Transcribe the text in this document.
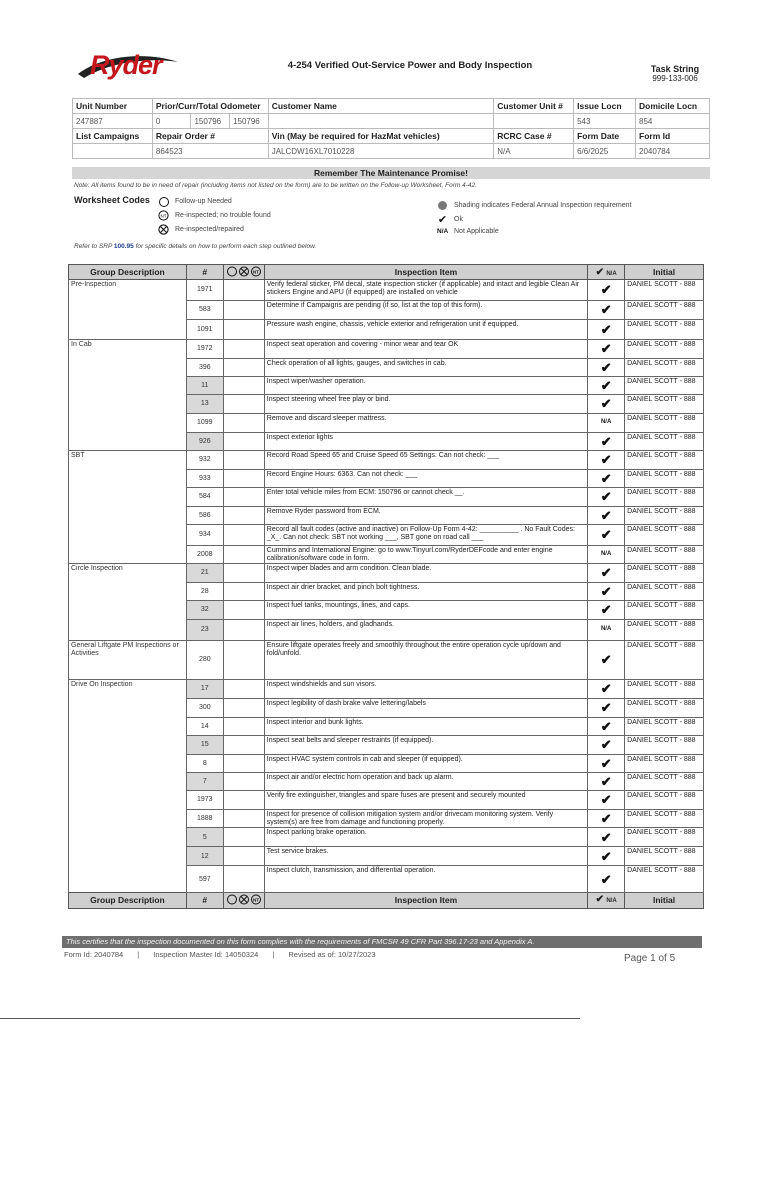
Ryder	4-254 Verified Out-Service Power and Body Inspection	Task String
999-133-006
Unit Number	Prior/Curr/Total Odometer			Customer Name	Customer Unit #	Issue Locn	Domicile Locn
247887	0	150796	150796			543	854
List Campaigns	Repair Order #			Vin (May be required for HazMat vehicles)	RCRC Case #	Form Date	Form Id
	864523			JALCDW16XL7010228	N/A	6/6/2025	2040784
Remember The Maintenance Promise!
Note: All items found to be in need of repair (including items not listed on the form) are to be written on the Follow-up Worksheet, Form 4-42.
Worksheet Codes	Follow-up Needed
NT Re-inspected; no trouble found
Re-inspected/repaired
Shading indicates Federal Annual Inspection requirement
✔ Ok
N/A Not Applicable
Refer to SRP 100.95 for specific details on how to perform each step outlined below.
Group Description	#	NT	Inspection Item	✔ N/A	Initial
Pre-Inspection	1971		Verify federal sticker, PM decal, state inspection sticker (if applicable) and intact and legible Clean Air stickers Engine and APU (if equipped) are installed on vehicle	✔	DANIEL SCOTT - 888
	583		Determine if Campaigns are pending (if so, list at the top of this form).	✔	DANIEL SCOTT - 888
	1091		Pressure wash engine, chassis, vehicle exterior and refrigeration unit if equipped.	✔	DANIEL SCOTT - 888
In Cab	1972		Inspect seat operation and covering - minor wear and tear OK	✔	DANIEL SCOTT - 888
	396		Check operation of all lights, gauges, and switches in cab.	✔	DANIEL SCOTT - 888
	11		Inspect wiper/washer operation.	✔	DANIEL SCOTT - 888
	13		Inspect steering wheel free play or bind.	✔	DANIEL SCOTT - 888
	1099		Remove and discard sleeper mattress.	N/A	DANIEL SCOTT - 888
	926		Inspect exterior lights	✔	DANIEL SCOTT - 888
SBT	932		Record Road Speed 65 and Cruise Speed 65 Settings. Can not check: ___	✔	DANIEL SCOTT - 888
	933		Record Engine Hours: 6363. Can not check: ___	✔	DANIEL SCOTT - 888
	584		Enter total vehicle miles from ECM: 150796 or cannot check __.	✔	DANIEL SCOTT - 888
	586		Remove Ryder password from ECM.	✔	DANIEL SCOTT - 888
	934		Record all fault codes (active and inactive) on Follow-Up Form 4-42: __________ . No Fault Codes: _X_. Can not check: SBT not working ___, SBT gone on road call ___	✔	DANIEL SCOTT - 888
	2008		Cummins and International Engine: go to www.Tinyurl.com/RyderDEFcode and enter engine calibration/software code in form.	N/A	DANIEL SCOTT - 888
Circle Inspection	21		Inspect wiper blades and arm condition. Clean blade.	✔	DANIEL SCOTT - 888
	28		Inspect air drier bracket, and pinch bolt tightness.	✔	DANIEL SCOTT - 888
	32		Inspect fuel tanks, mountings, lines, and caps.	✔	DANIEL SCOTT - 888
	23		Inspect air lines, holders, and gladhands.	N/A	DANIEL SCOTT - 888
General Liftgate PM Inspections or Activities	280		Ensure liftgate operates freely and smoothly throughout the entire operation cycle up/down and fold/unfold.	✔	DANIEL SCOTT - 888
Drive On Inspection	17		Inspect windshields and sun visors.	✔	DANIEL SCOTT - 888
	300		Inspect legibility of dash brake valve lettering/labels	✔	DANIEL SCOTT - 888
	14		Inspect interior and bunk lights.	✔	DANIEL SCOTT - 888
	15		Inspect seat belts and sleeper restraints (if equipped).	✔	DANIEL SCOTT - 888
	8		Inspect HVAC system controls in cab and sleeper (if equipped).	✔	DANIEL SCOTT - 888
	7		Inspect air and/or electric horn operation and back up alarm.	✔	DANIEL SCOTT - 888
	1973		Verify fire extinguisher, triangles and spare fuses are present and securely mounted	✔	DANIEL SCOTT - 888
	1888		Inspect for presence of collision mitigation system and/or drivecam monitoring system. Verify system(s) are free from damage and functioning properly.	✔	DANIEL SCOTT - 888
	5		Inspect parking brake operation.	✔	DANIEL SCOTT - 888
	12		Test service brakes.	✔	DANIEL SCOTT - 888
	597		Inspect clutch, transmission, and differential operation.	✔	DANIEL SCOTT - 888
Group Description	#	NT	Inspection Item	✔ N/A	Initial
This certifies that the inspection documented on this form complies with the requirements of FMCSR 49 CFR Part 396.17-23 and Appendix A.
Form Id: 2040784 | Inspection Master Id: 14050324 | Revised as of: 10/27/2023	Page 1 of 5
